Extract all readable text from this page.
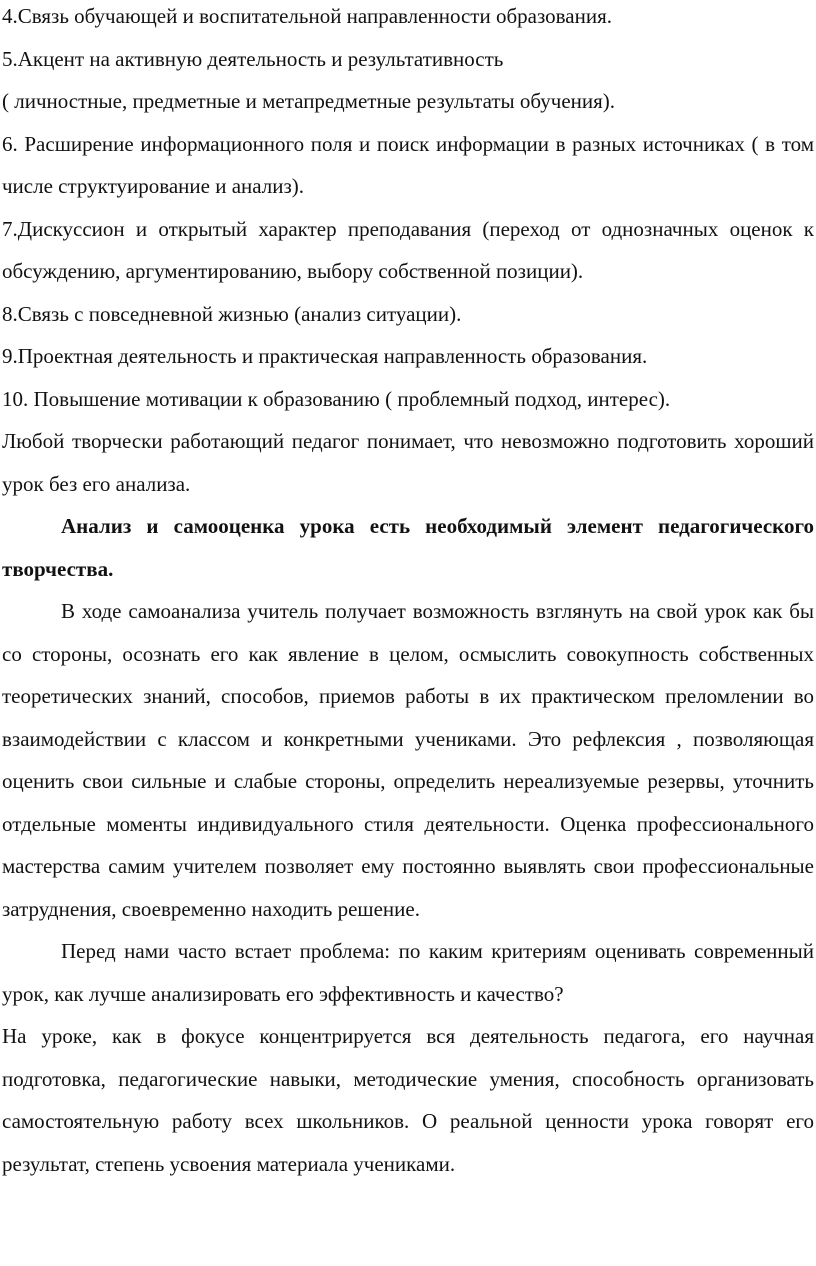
4.Связь обучающей и воспитательной направленности образования.

5.Акцент на активную деятельность и результативность

( личностные, предметные и метапредметные результаты обучения).

6. Расширение информационного поля и поиск информации в разных источниках ( в том числе структуирование и анализ).

7.Дискуссион и открытый характер преподавания (переход от однозначных оценок к обсуждению, аргументированию, выбору собственной позиции).

8.Связь с повседневной жизнью (анализ ситуации).

9.Проектная деятельность и практическая направленность образования.

10. Повышение мотивации к образованию ( проблемный подход, интерес).

Любой творчески работающий педагог понимает, что невозможно подготовить хороший урок без его анализа.

Анализ и самооценка урока есть необходимый элемент педагогического творчества.

В ходе самоанализа учитель получает возможность взглянуть на свой урок как бы со стороны, осознать его как явление в целом, осмыслить совокупность собственных теоретических знаний, способов, приемов работы в их практическом преломлении во взаимодействии с классом и конкретными учениками. Это рефлексия , позволяющая оценить свои сильные и слабые стороны, определить нереализуемые резервы, уточнить отдельные моменты индивидуального стиля деятельности. Оценка профессионального мастерства самим учителем позволяет ему постоянно выявлять свои профессиональные затруднения, своевременно находить решение.

Перед нами часто встает проблема: по каким критериям оценивать современный урок, как лучше анализировать его эффективность и качество?

На уроке, как в фокусе концентрируется вся деятельность педагога, его научная подготовка, педагогические навыки, методические умения, способность организовать самостоятельную работу всех школьников. О реальной ценности урока говорят его результат, степень усвоения материала учениками.
